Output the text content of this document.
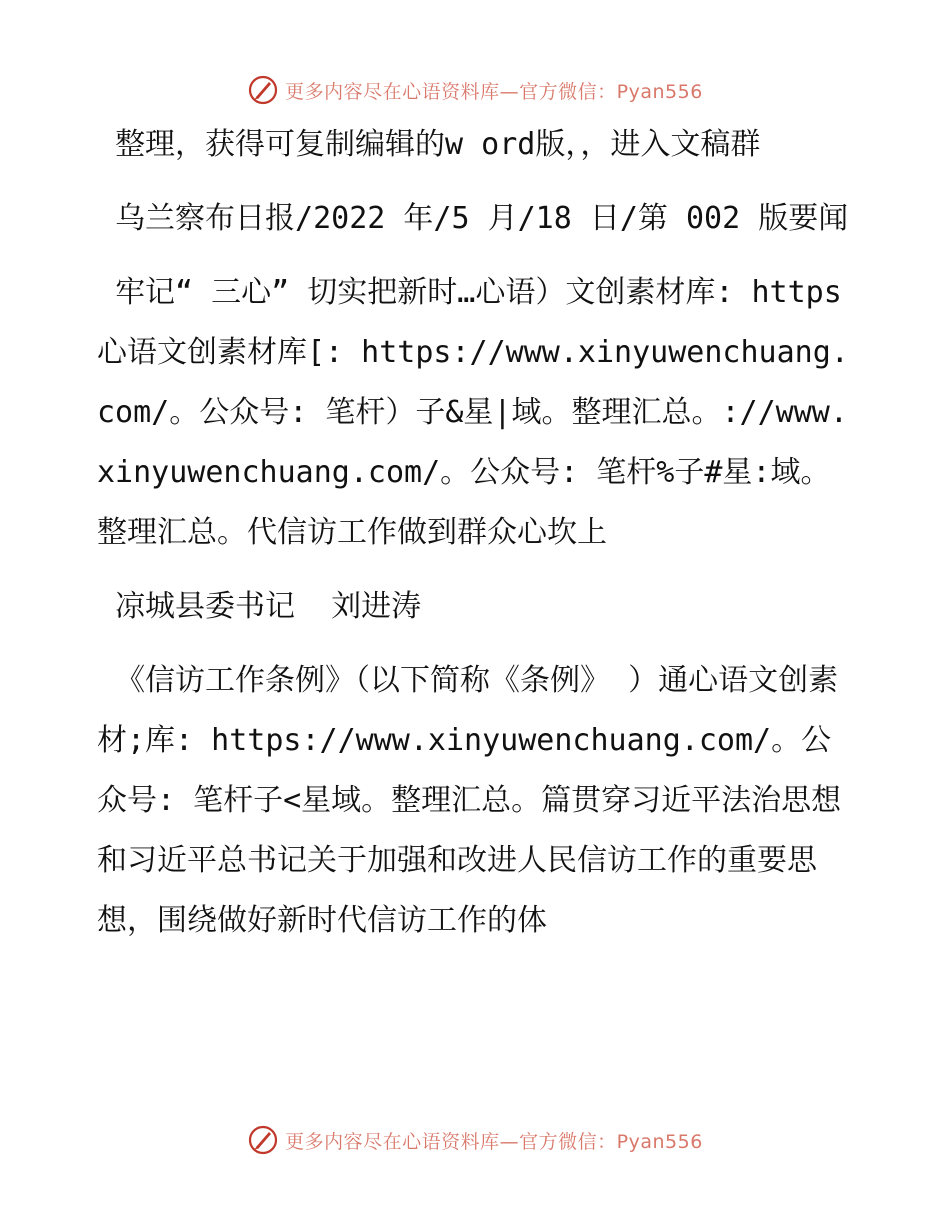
更多内容尽在心语资料库—官方微信：Pyan556

整理，获得可复制编辑的w ord版，，进入文稿群

乌兰察布日报/2022 年/5 月/18 日/第 002 版要闻

牢记“ 三心” 切实把新时…心语）文创素材库: https心语文创素材库[: https://www.xinyuwenchuang.com/。公众号: 笔杆）子&星|域。整理汇总。://www.xinyuwenchuang.com/。公众号: 笔杆%子#星:域。整理汇总。代信访工作做到群众心坎上

凉城县委书记  刘进涛

《信访工作条例》（以下简称《条例》 ）通心语文创素材;库: https://www.xinyuwenchuang.com/。公众号: 笔杆子<星域。整理汇总。篇贯穿习近平法治思想和习近平总书记关于加强和改进人民信访工作的重要思想，围绕做好新时代信访工作的体

更多内容尽在心语资料库—官方微信：Pyan556
